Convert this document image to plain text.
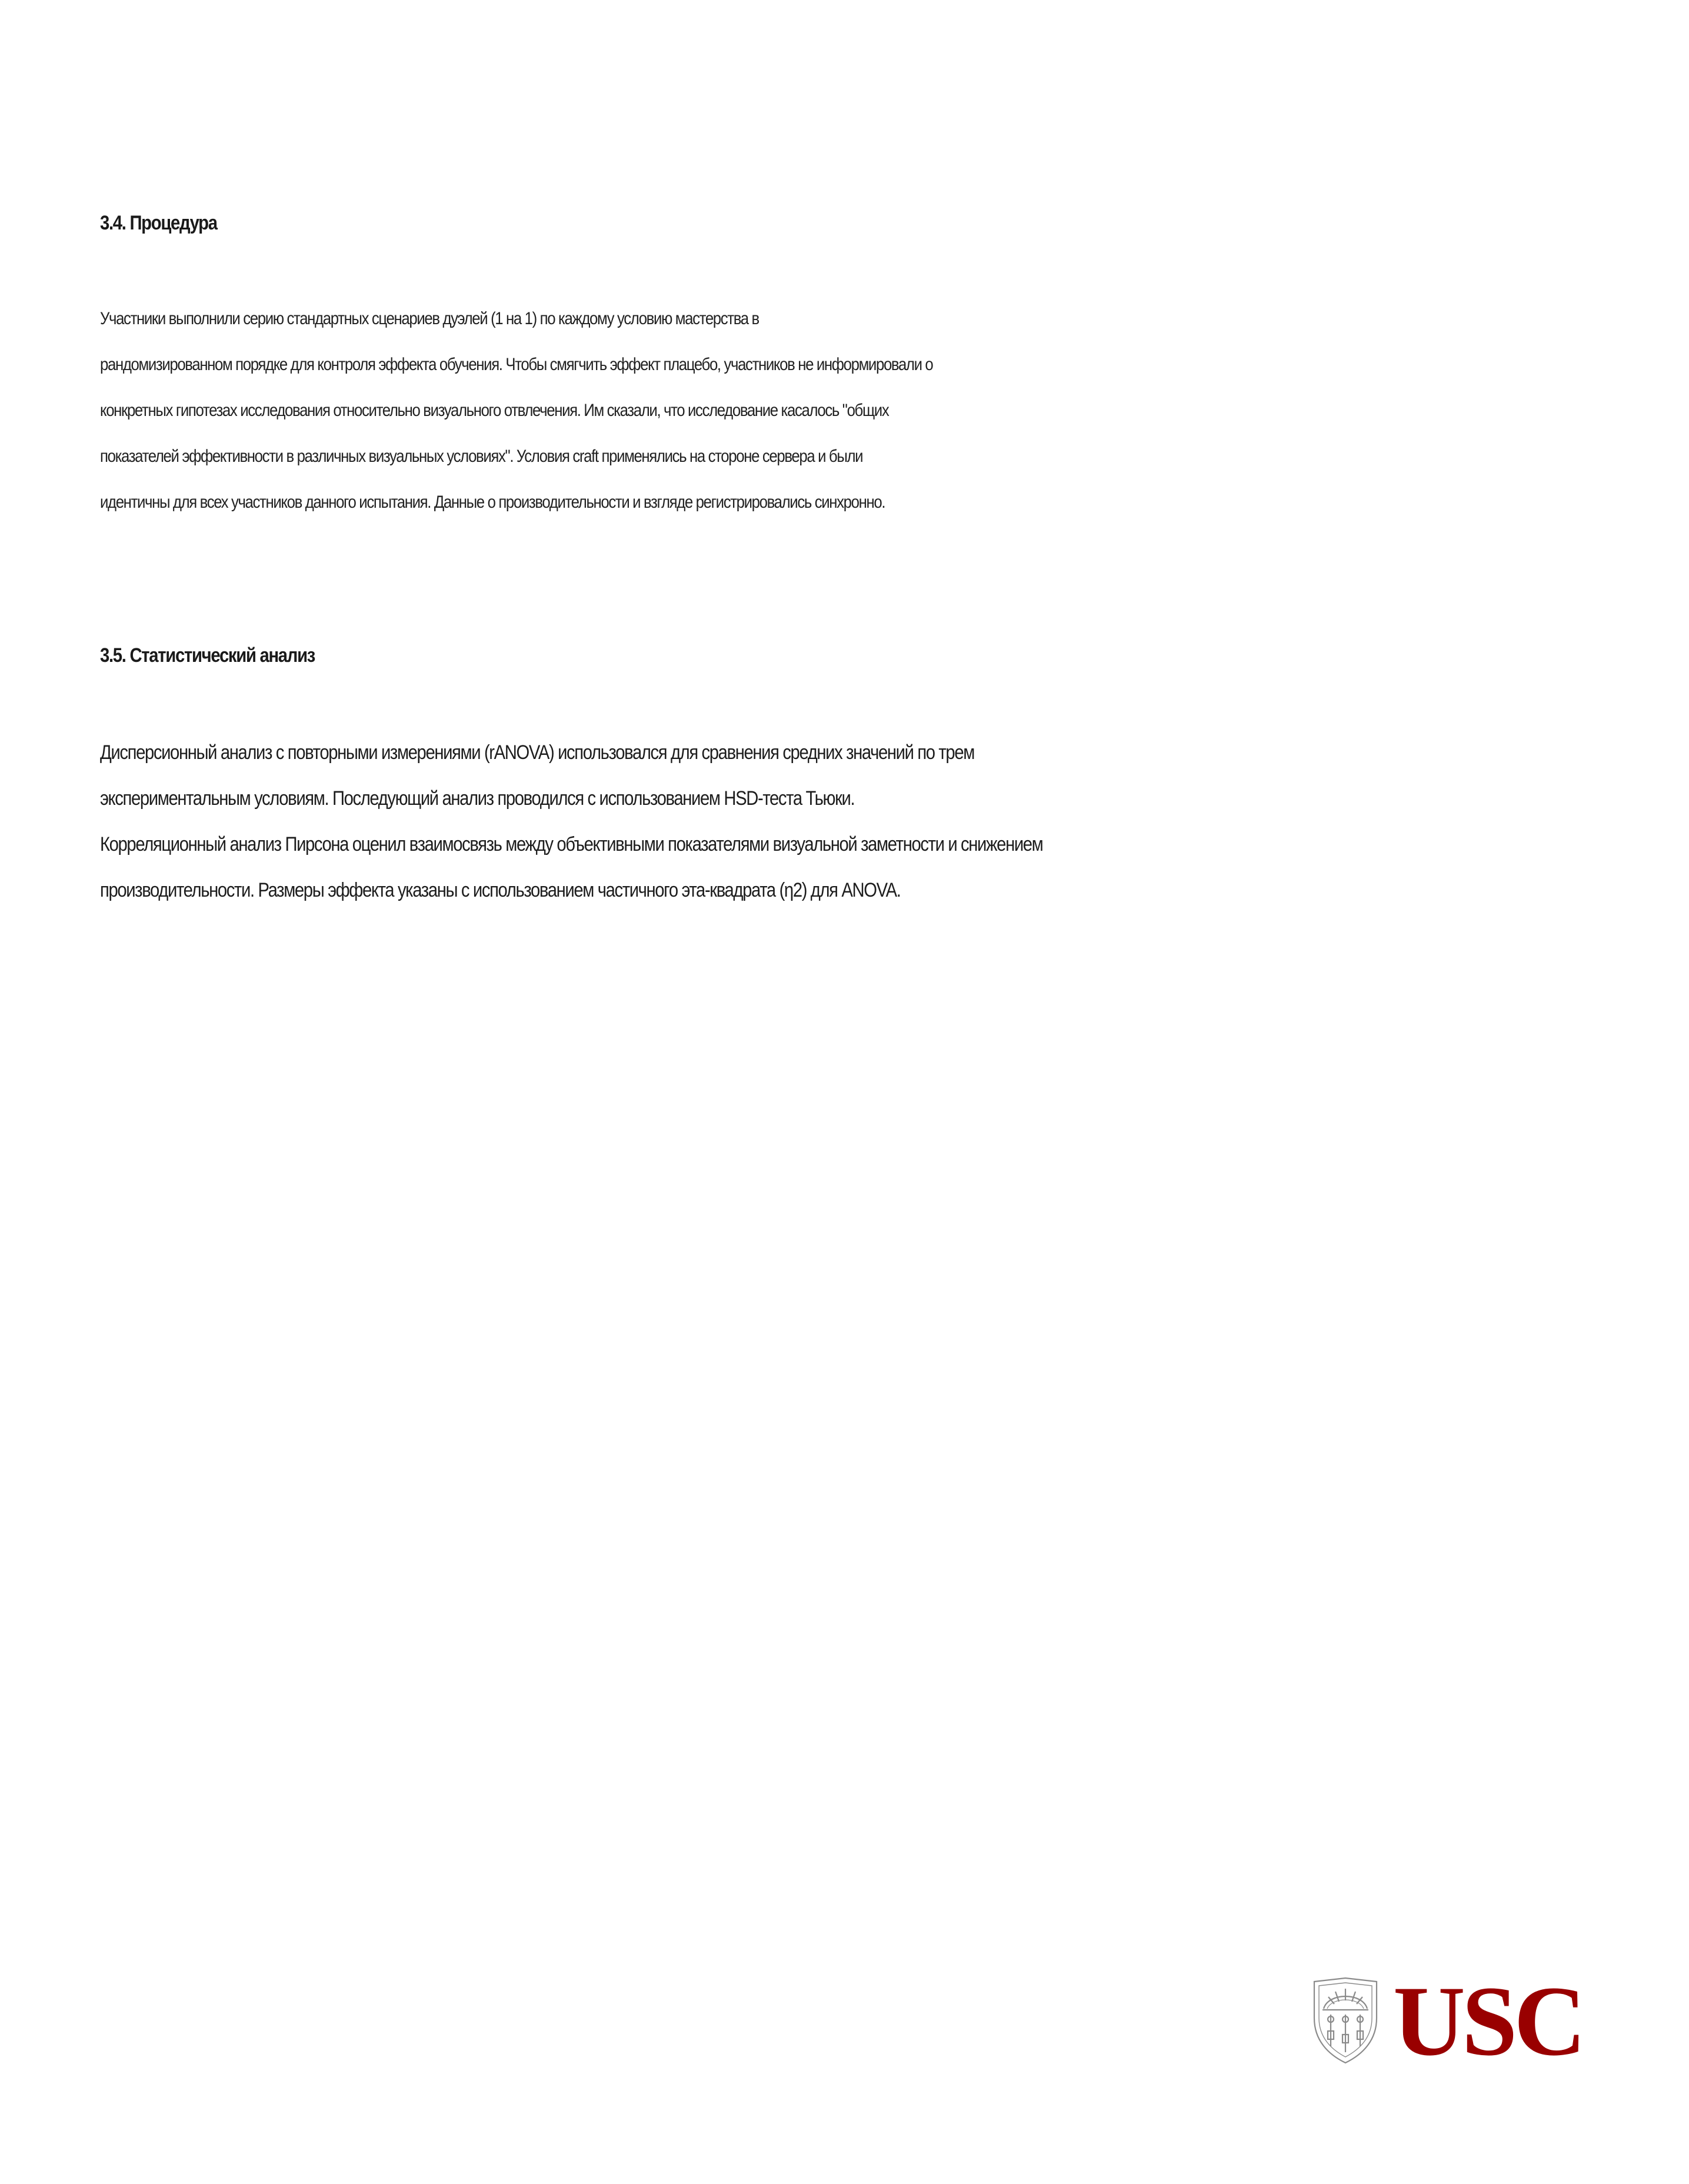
3.4. Процедура
Участники выполнили серию стандартных сценариев дуэлей (1 на 1) по каждому условию мастерства в
рандомизированном порядке для контроля эффекта обучения. Чтобы смягчить эффект плацебо, участников не информировали о
конкретных гипотезах исследования относительно визуального отвлечения. Им сказали, что исследование касалось "общих
показателей эффективности в различных визуальных условиях". Условия craft применялись на стороне сервера и были
идентичны для всех участников данного испытания. Данные о производительности и взгляде регистрировались синхронно.
3.5. Статистический анализ
Дисперсионный анализ с повторными измерениями (rANOVA) использовался для сравнения средних значений по трем
экспериментальным условиям. Последующий анализ проводился с использованием HSD-теста Тьюки.
Корреляционный анализ Пирсона оценил взаимосвязь между объективными показателями визуальной заметности и снижением
производительности. Размеры эффекта указаны с использованием частичного эта-квадрата (η2) для ANOVA.
USC
